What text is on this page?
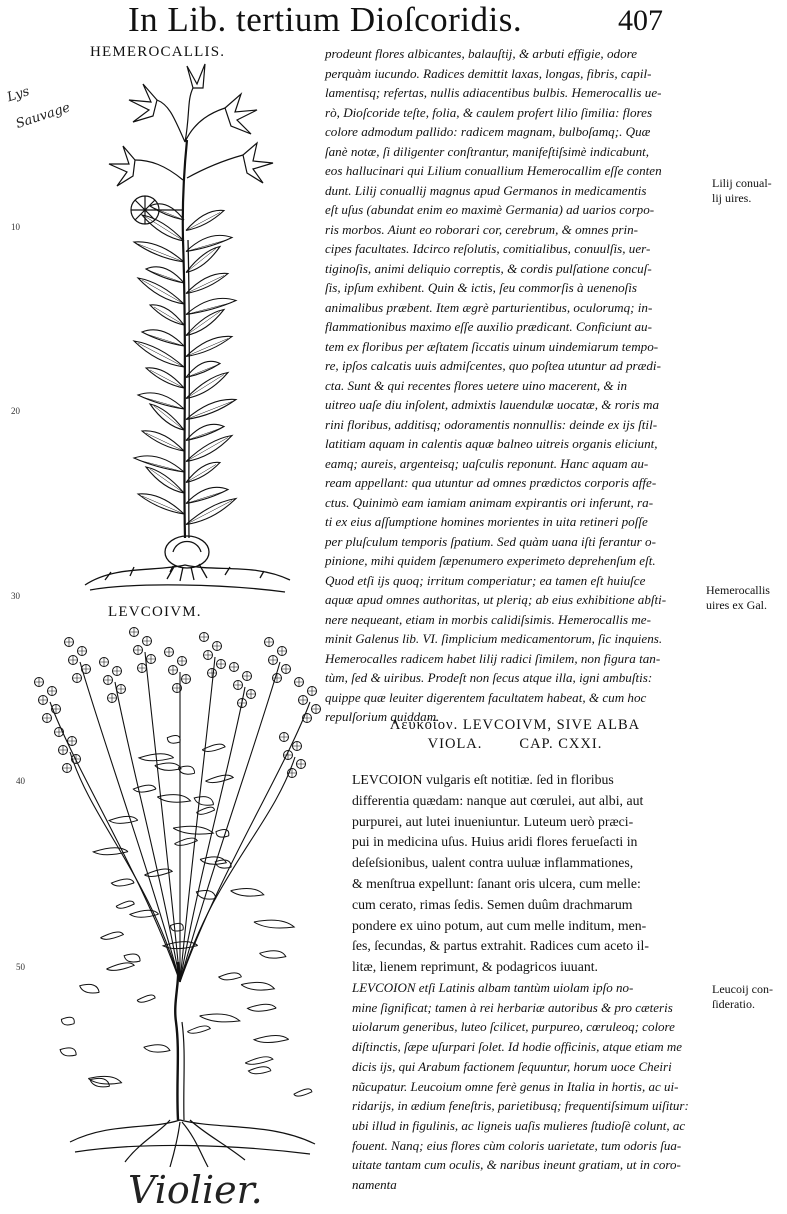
In Lib. tertium Dioſcoridis.	407
Lys
Sauvage
Violier.
HEMEROCALLIS.
10
20
30
40
50
LEVCOIVM.

prodeunt flores albicantes, balauſtij, & arbuti effigie, odore
perquàm iucundo. Radices demittit laxas, longas, fibris, capil-
lamentisq; refertas, nullis adiacentibus bulbis. Hemerocallis ue-
rò, Dioſcoride teſte, folia, & caulem profert lilio ſimilia: flores
colore admodum pallido: radicem magnam, bulboſamq;. Quæ
ſanè notæ, ſi diligenter conſtrantur, manifeſtiſsimè indicabunt,
eos hallucinari qui Lilium conuallium Hemerocallim eſſe conten
dunt. Lilij conuallij magnus apud Germanos in medicamentis
eſt uſus (abundat enim eo maximè Germania) ad uarios corpo-
ris morbos. Aiunt eo roborari cor, cerebrum, & omnes prin-
cipes facultates. Idcirco reſolutis, comitialibus, conuulſis, uer-
tiginoſis, animi deliquio correptis, & cordis pulſatione concuſ-
ſis, ipſum exhibent. Quin & ictis, ſeu commorſis à uenenoſis
animalibus præbent. Item ægrè parturientibus, oculorumq; in-
flammationibus maximo eſſe auxilio prædicant. Conficiunt au-
tem ex floribus per æſtatem ſiccatis uinum uindemiarum tempo-
re, ipſos calcatis uuis admiſcentes, quo poſtea utuntur ad prædi-
cta. Sunt & qui recentes flores uetere uino macerent, & in
uitreo uaſe diu inſolent, admixtis lauendulæ uocatæ, & roris ma
rini floribus, additisq; odoramentis nonnullis: deinde ex ijs ſtil-
latitiam aquam in calentis aquæ balneo uitreis organis eliciunt,
eamq; aureis, argenteisq; uaſculis reponunt. Hanc aquam au-
ream appellant: qua utuntur ad omnes prædictos corporis affe-
ctus. Quinimò eam iamiam animam expirantis ori inferunt, ra-
ti ex eius aſſumptione homines morientes in uita retineri poſſe
per pluſculum temporis ſpatium. Sed quàm uana iſti ferantur o-
pinione, mihi quidem ſæpenumero experimeto deprehenſum eſt.
Quod etſi ijs quoq; irritum comperiatur; ea tamen eſt huiuſce
aquæ apud omnes authoritas, ut plerią; ab eius exhibitione abſti-
nere nequeant, etiam in morbis calidiſsimis. Hemerocallis me-
minit Galenus lib. VI. ſimplicium medicamentorum, ſic inquiens.
Hemerocalles radicem habet lilij radici ſimilem, non figura tan-
tùm, ſed & uiribus. Prodeſt non ſecus atque illa, igni ambuſtis:
quippe quæ leuiter digerentem facultatem habeat, & cum hoc
repulſorium quiddam.

Lilij conual-
lij uires.

Hemerocallis
uires ex Gal.

Leucoij con-
ſideratio.

Λευκόϊον. LEVCOIVM, SIVE ALBA
VIOLA.        CAP. CXXI.

LEVCOION vulgaris eſt notitiæ. ſed in floribus
differentia quædam: nanque aut cœrulei, aut albi, aut
purpurei, aut lutei inueniuntur. Luteum uerò præci-
pui in medicina uſus. Huius aridi flores ferueſacti in
deſeſsionibus, ualent contra uuluæ inflammationes,
& menſtrua expellunt: ſanant oris ulcera, cum melle:
cum cerato, rimas ſedis. Semen duûm drachmarum
pondere ex uino potum, aut cum melle inditum, men-
ſes, ſecundas, & partus extrahit. Radices cum aceto il-
litæ, lienem reprimunt, & podagricos iuuant.

LEVCOION etſi Latinis albam tantùm uiolam ipſo no-
mine ſignificat; tamen à rei herbariæ autoribus & pro cæteris
uiolarum generibus, luteo ſcilicet, purpureo, cœruleoq; colore
diſtinctis, ſæpe uſurpari ſolet. Id hodie officinis, atque etiam me
dicis ijs, qui Arabum factionem ſequuntur, horum uoce Cheiri
nũcupatur. Leucoium omne ferè genus in Italia in hortis, ac ui-
ridarijs, in ædium feneſtris, parietibusq; frequentiſsimum uiſitur:
ubi illud in figulinis, ac ligneis uaſis mulieres ſtudioſè colunt, ac
fouent. Nanq; eius flores cùm coloris uarietate, tum odoris ſua-
uitate tantam cum oculis, & naribus ineunt gratiam, ut in coro-
namenta
